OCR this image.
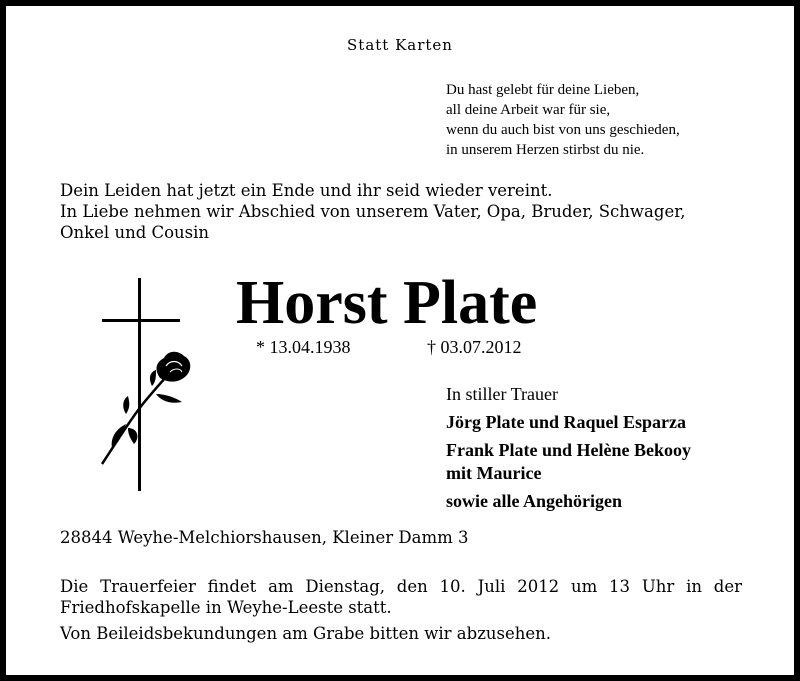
Statt Karten
Du hast gelebt für deine Lieben,
all deine Arbeit war für sie,
wenn du auch bist von uns geschieden,
in unserem Herzen stirbst du nie.
Dein Leiden hat jetzt ein Ende und ihr seid wieder vereint.
In Liebe nehmen wir Abschied von unserem Vater, Opa, Bruder, Schwager,
Onkel und Cousin
Horst Plate
* 13.04.1938	† 03.07.2012
In stiller Trauer
Jörg Plate und Raquel Esparza
Frank Plate und Helène Bekooy
mit Maurice
sowie alle Angehörigen
28844 Weyhe-Melchiorshausen, Kleiner Damm 3
Die Trauerfeier findet am Dienstag, den 10. Juli 2012 um 13 Uhr in der
Friedhofskapelle in Weyhe-Leeste statt.
Von Beileidsbekundungen am Grabe bitten wir abzusehen.
